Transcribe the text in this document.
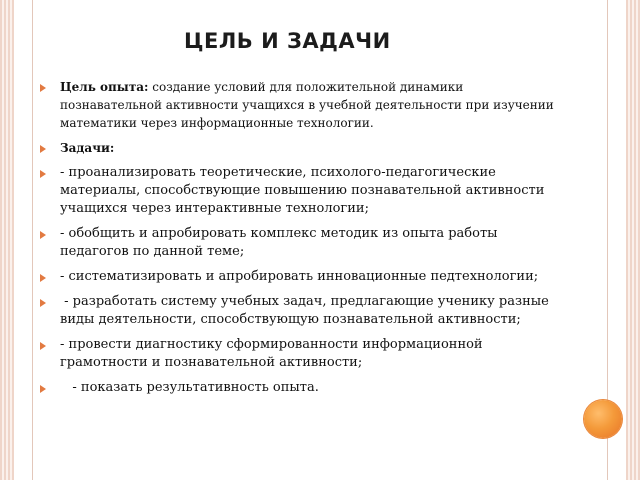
ЦЕЛЬ И ЗАДАЧИ
Цель опыта: создание условий для положительной динамики познавательной активности учащихся в учебной деятельности при изучении математики через информационные технологии.
Задачи:
- проанализировать теоретические, психолого-педагогические материалы, способствующие повышению познавательной активности учащихся через интерактивные технологии;
- обобщить и апробировать комплекс методик из опыта работы педагогов по данной теме;
- систематизировать и апробировать инновационные педтехнологии;
- разработать систему учебных задач, предлагающие ученику разные виды деятельности, способствующую познавательной активности;
- провести диагностику сформированности информационной грамотности и познавательной активности;
- показать результативность опыта.
